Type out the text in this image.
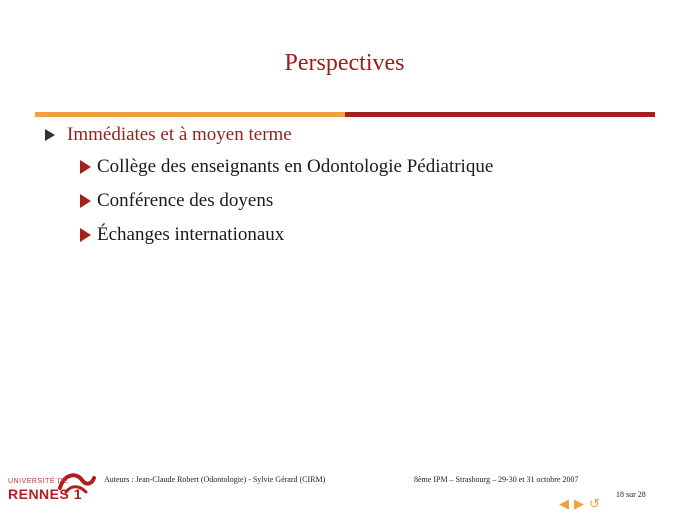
Perspectives
Immédiates et à moyen terme
Collège des enseignants en Odontologie Pédiatrique
Conférence des doyens
Échanges internationaux
UNIVERSITÉ DE
RENNES 1
Auteurs : Jean-Claude Robert (Odontologie) - Sylvie Gérard (CIRM)	8ème IPM – Strasbourg – 29-30 et 31 octobre 2007
18 sur 28
◀ ▶ ↺
